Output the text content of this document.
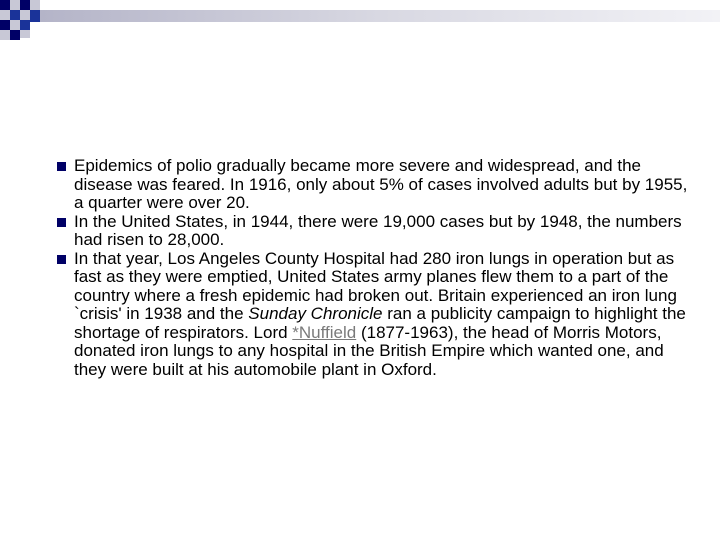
Epidemics of polio gradually became more severe and widespread, and the disease was feared. In 1916, only about 5% of cases involved adults but by 1955, a quarter were over 20.
In the United States, in 1944, there were 19,000 cases but by 1948, the numbers had risen to 28,000.
In that year, Los Angeles County Hospital had 280 iron lungs in operation but as fast as they were emptied, United States army planes flew them to a part of the country where a fresh epidemic had broken out. Britain experienced an iron lung `crisis' in 1938 and the Sunday Chronicle ran a publicity campaign to highlight the shortage of respirators. Lord *Nuffield (1877-1963), the head of Morris Motors, donated iron lungs to any hospital in the British Empire which wanted one, and they were built at his automobile plant in Oxford.
